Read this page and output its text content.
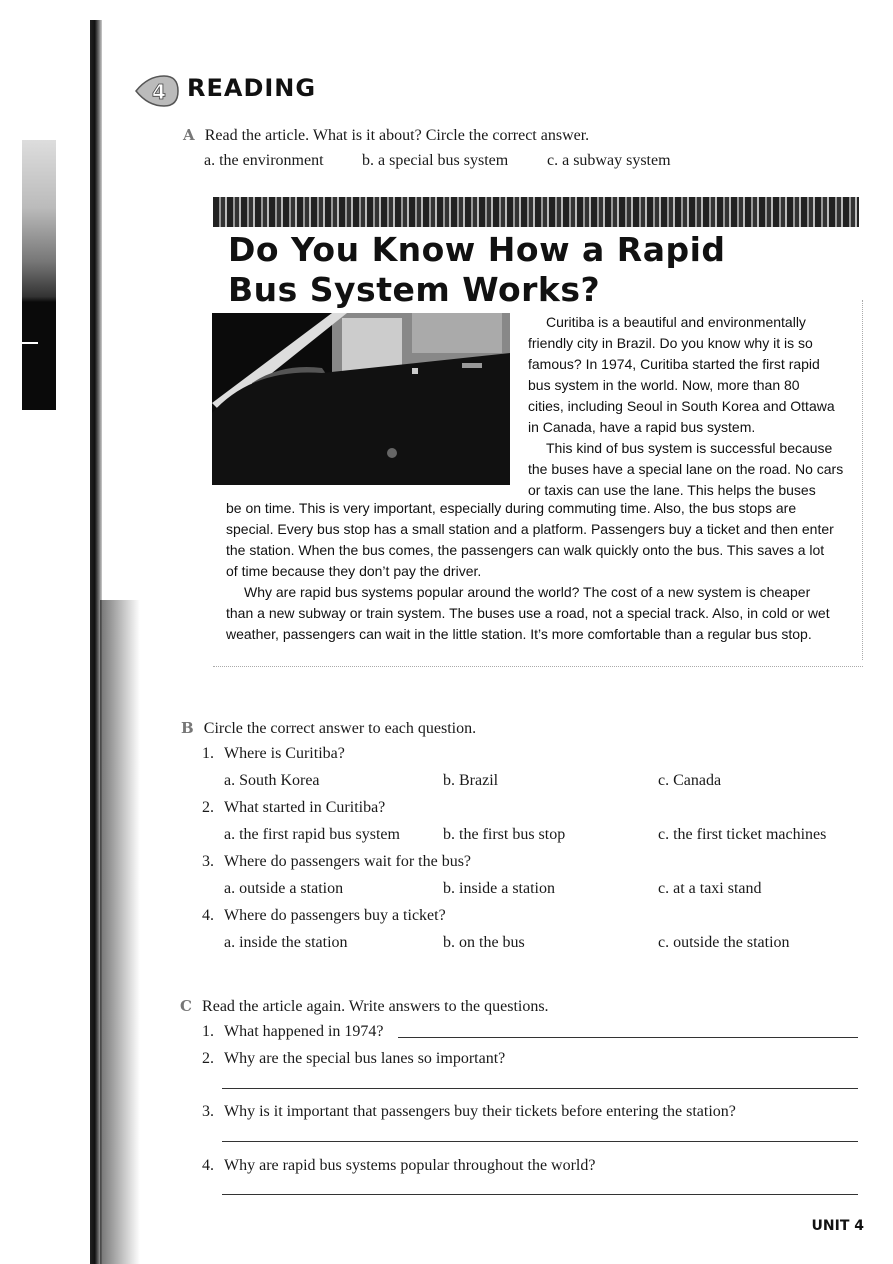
4 READING
A Read the article. What is it about? Circle the correct answer.
a. the environment b. a special bus system c. a subway system
Do You Know How a Rapid
Bus System Works?

Curitiba is a beautiful and environmentally

friendly city in Brazil. Do you know why it is so

famous? In 1974, Curitiba started the first rapid

bus system in the world. Now, more than 80

cities, including Seoul in South Korea and Ottawa

in Canada, have a rapid bus system.

This kind of bus system is successful because

the buses have a special lane on the road. No cars

or taxis can use the lane. This helps the buses

be on time. This is very important, especially during commuting time. Also, the bus stops are

special. Every bus stop has a small station and a platform. Passengers buy a ticket and then enter

the station. When the bus comes, the passengers can walk quickly onto the bus. This saves a lot

of time because they don’t pay the driver.

Why are rapid bus systems popular around the world? The cost of a new system is cheaper

than a new subway or train system. The buses use a road, not a special track. Also, in cold or wet

weather, passengers can wait in the little station. It’s more comfortable than a regular bus stop.

B Circle the correct answer to each question.
1. Where is Curitiba?
a. South Korea	b. Brazil	c. Canada
2. What started in Curitiba?
a. the first rapid bus system	b. the first bus stop	c. the first ticket machines
3. Where do passengers wait for the bus?
a. outside a station	b. inside a station	c. at a taxi stand
4. Where do passengers buy a ticket?
a. inside the station	b. on the bus	c. outside the station
C Read the article again. Write answers to the questions.
1. What happened in 1974?
2. Why are the special bus lanes so important?
3. Why is it important that passengers buy their tickets before entering the station?
4. Why are rapid bus systems popular throughout the world?
UNIT 4
